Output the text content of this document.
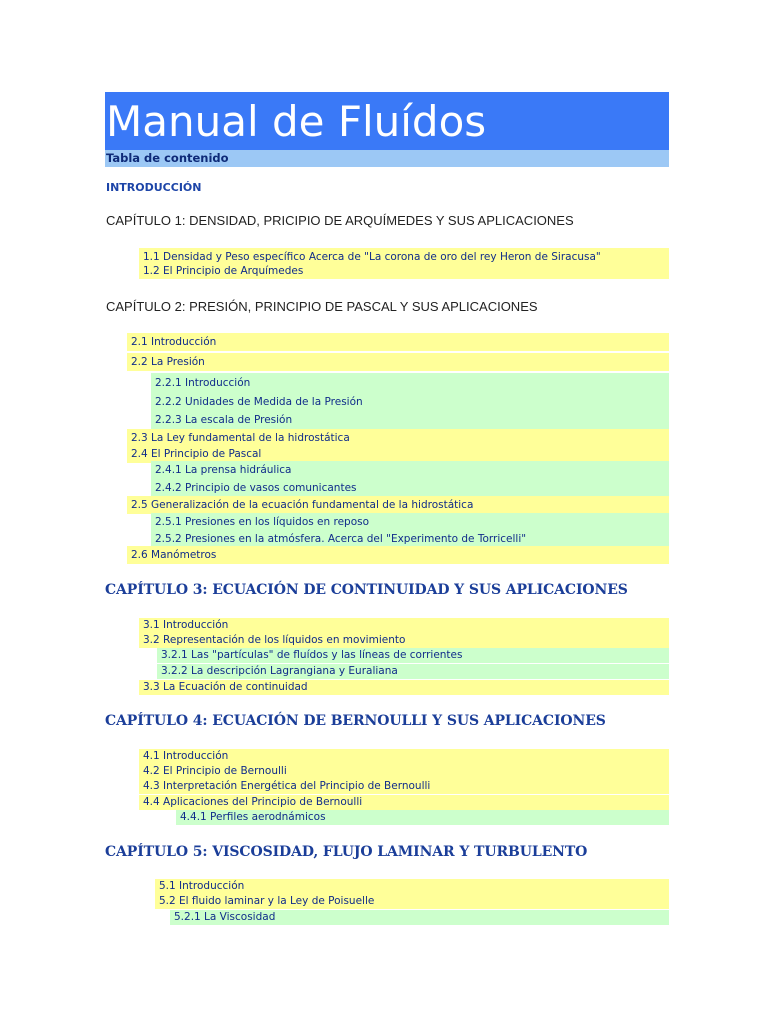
Manual de Fluídos
Tabla de contenido
INTRODUCCIÓN
CAPÍTULO 1: DENSIDAD, PRICIPIO DE ARQUÍMEDES Y SUS APLICACIONES
1.1 Densidad y Peso específico Acerca de "La corona de oro del rey Heron de Siracusa"
1.2 El Principio de Arquímedes
CAPÍTULO 2: PRESIÓN, PRINCIPIO DE PASCAL Y SUS APLICACIONES
2.1 Introducción
2.2 La Presión
2.2.1 Introducción
2.2.2 Unidades de Medida de la Presión
2.2.3 La escala de Presión
2.3 La Ley fundamental de la hidrostática
2.4 El Principio de Pascal
2.4.1 La prensa hidráulica
2.4.2 Principio de vasos comunicantes
2.5 Generalización de la ecuación fundamental de la hidrostática
2.5.1 Presiones en los líquidos en reposo
2.5.2 Presiones en la atmósfera. Acerca del "Experimento de Torricelli"
2.6 Manómetros
CAPÍTULO 3: ECUACIÓN DE CONTINUIDAD Y SUS APLICACIONES
3.1 Introducción
3.2 Representación de los líquidos en movimiento
3.2.1 Las "partículas" de fluídos y las líneas de corrientes
3.2.2 La descripción Lagrangiana y Euraliana
3.3 La Ecuación de continuidad
CAPÍTULO 4: ECUACIÓN DE BERNOULLI Y SUS APLICACIONES
4.1 Introducción
4.2 El Principio de Bernoulli
4.3 Interpretación Energética del Principio de Bernoulli
4.4 Aplicaciones del Principio de Bernoulli
4.4.1 Perfiles aerodnámicos
CAPÍTULO 5: VISCOSIDAD, FLUJO LAMINAR Y TURBULENTO
5.1 Introducción
5.2 El fluido laminar y la Ley de Poisuelle
5.2.1 La Viscosidad
